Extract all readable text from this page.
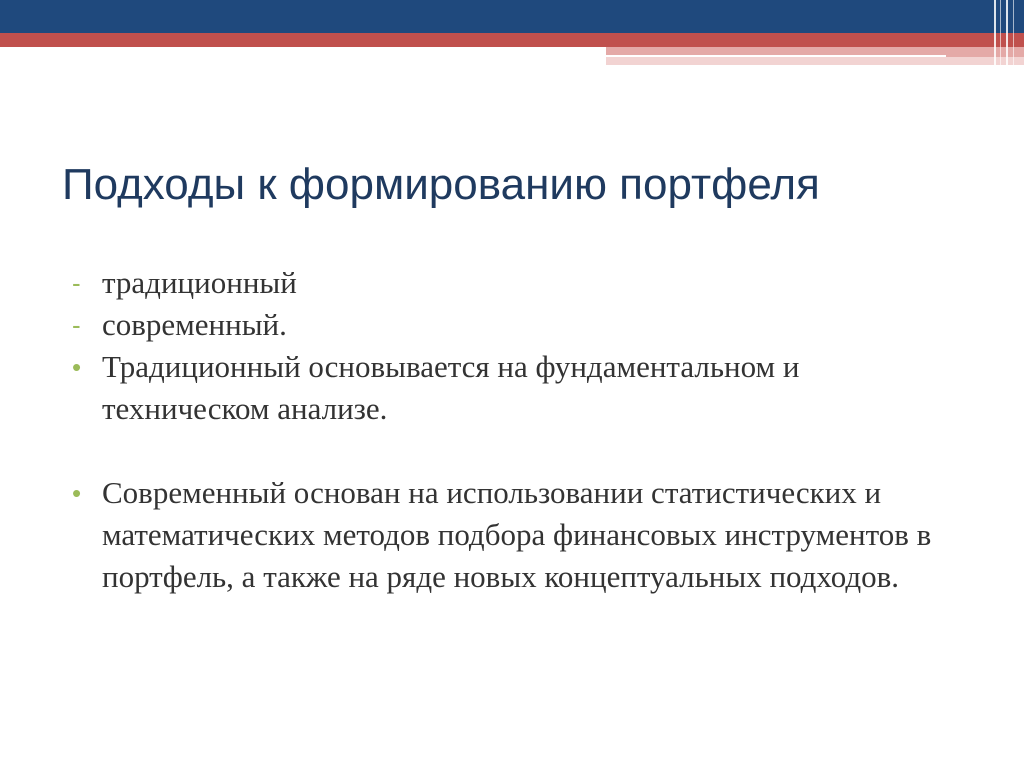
Подходы к формированию портфеля
- традиционный
- современный.
• Традиционный основывается на фундаментальном и техническом анализе.
• Современный основан на использовании статистических и математических методов подбора финансовых инструментов в портфель, а также на ряде новых концептуальных подходов.
